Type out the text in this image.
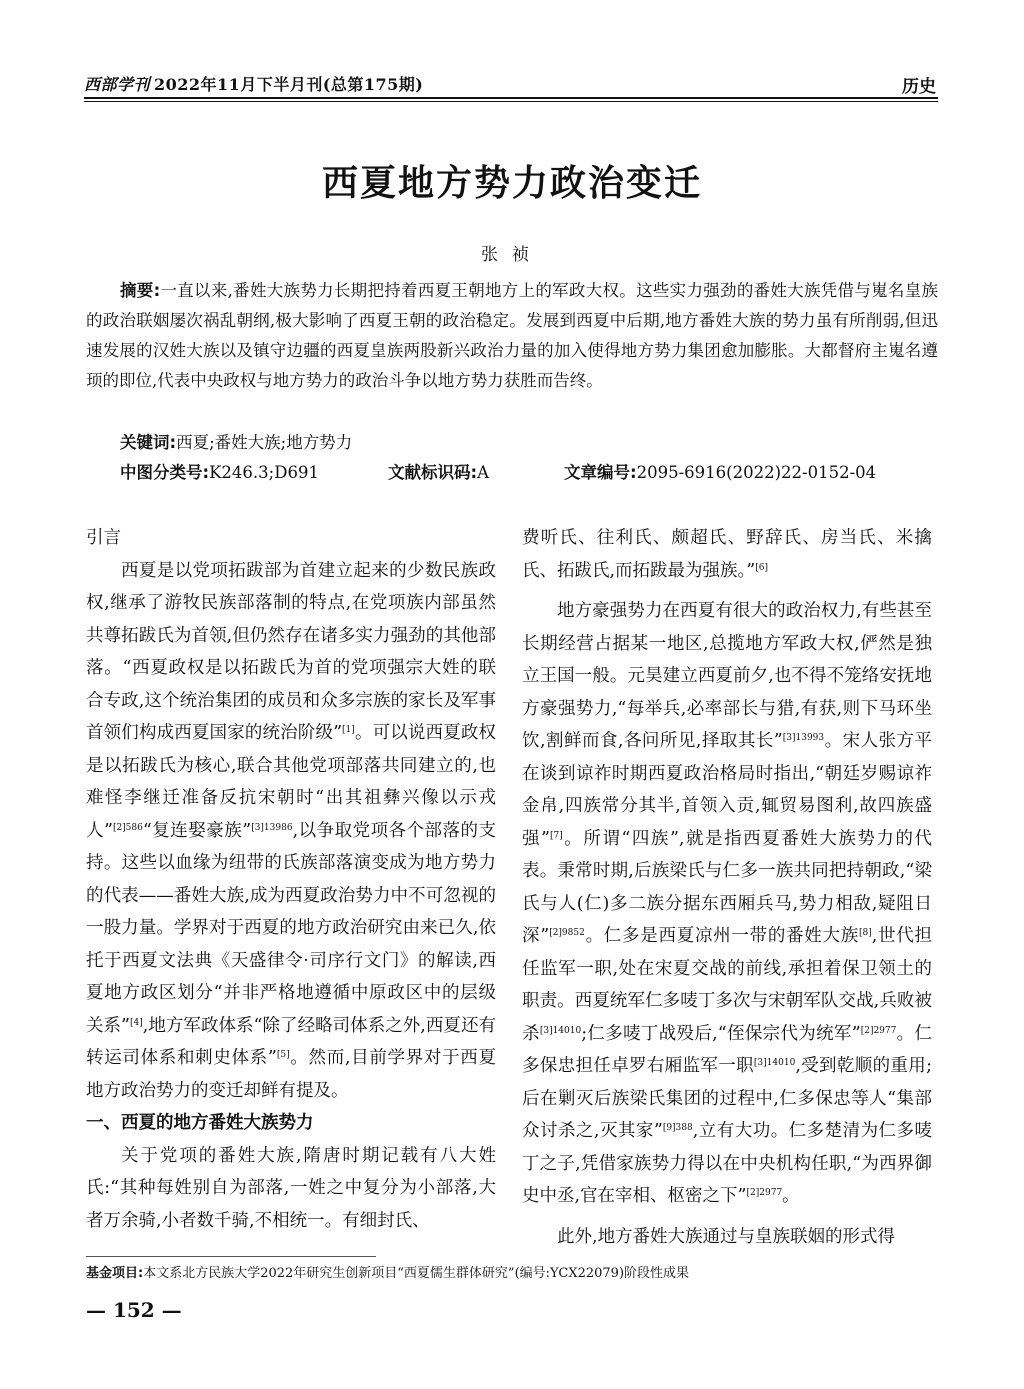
西部学刊 2022年11月下半月刊(总第175期)	历史
西夏地方势力政治变迁
张祯
摘要:一直以来,番姓大族势力长期把持着西夏王朝地方上的军政大权。这些实力强劲的番姓大族凭借与嵬名皇族的政治联姻屡次祸乱朝纲,极大影响了西夏王朝的政治稳定。发展到西夏中后期,地方番姓大族的势力虽有所削弱,但迅速发展的汉姓大族以及镇守边疆的西夏皇族两股新兴政治力量的加入使得地方势力集团愈加膨胀。大都督府主嵬名遵顼的即位,代表中央政权与地方势力的政治斗争以地方势力获胜而告终。
关键词:西夏;番姓大族;地方势力
中图分类号:K246.3;D691	文献标识码:A	文章编号:2095-6916(2022)22-0152-04
引言

西夏是以党项拓跋部为首建立起来的少数民族政权,继承了游牧民族部落制的特点,在党项族内部虽然共尊拓跋氏为首领,但仍然存在诸多实力强劲的其他部落。“西夏政权是以拓跋氏为首的党项强宗大姓的联合专政,这个统治集团的成员和众多宗族的家长及军事首领们构成西夏国家的统治阶级”[1]。可以说西夏政权是以拓跋氏为核心,联合其他党项部落共同建立的,也难怪李继迁准备反抗宋朝时“出其祖彝兴像以示戎人”$^{[2]586}$“复连娶豪族”$^{[3]13986}$,以争取党项各个部落的支持。这些以血缘为纽带的氏族部落演变成为地方势力的代表——番姓大族,成为西夏政治势力中不可忽视的一股力量。学界对于西夏的地方政治研究由来已久,依托于西夏文法典《天盛律令·司序行文门》的解读,西夏地方政区划分“并非严格地遵循中原政区中的层级关系”[4],地方军政体系“除了经略司体系之外,西夏还有转运司体系和刺史体系”[5]。然而,目前学界对于西夏地方政治势力的变迁却鲜有提及。

一、西夏的地方番姓大族势力

关于党项的番姓大族,隋唐时期记载有八大姓氏:“其种每姓别自为部落,一姓之中复分为小部落,大者万余骑,小者数千骑,不相统一。有细封氏、

费听氏、往利氏、颇超氏、野辞氏、房当氏、米擒氏、拓跋氏,而拓跋最为强族。”[6]

地方豪强势力在西夏有很大的政治权力,有些甚至长期经营占据某一地区,总揽地方军政大权,俨然是独立王国一般。元昊建立西夏前夕,也不得不笼络安抚地方豪强势力,“每举兵,必率部长与猎,有获,则下马环坐饮,割鲜而食,各问所见,择取其长”$^{[3]13993}$。宋人张方平在谈到谅祚时期西夏政治格局时指出,“朝廷岁赐谅祚金帛,四族常分其半,首领入贡,辄贸易图利,故四族盛强”[7]。所谓“四族”,就是指西夏番姓大族势力的代表。秉常时期,后族梁氏与仁多一族共同把持朝政,“梁氏与人(仁)多二族分据东西厢兵马,势力相敌,疑阻日深”$^{[2]9852}$。仁多是西夏凉州一带的番姓大族[8],世代担任监军一职,处在宋夏交战的前线,承担着保卫领土的职责。西夏统军仁多唛丁多次与宋朝军队交战,兵败被杀$^{[3]14010}$;仁多唛丁战殁后,“侄保宗代为统军”$^{[2]2977}$。仁多保忠担任卓罗右厢监军一职$^{[3]14010}$,受到乾顺的重用;后在剿灭后族梁氏集团的过程中,仁多保忠等人“集部众讨杀之,灭其家”$^{[9]388}$,立有大功。仁多楚清为仁多唛丁之子,凭借家族势力得以在中央机构任职,“为西界御史中丞,官在宰相、枢密之下”$^{[2]2977}$。

此外,地方番姓大族通过与皇族联姻的形式得

基金项目:本文系北方民族大学2022年研究生创新项目“西夏儒生群体研究”(编号:YCX22079)阶段性成果
— 152 —
